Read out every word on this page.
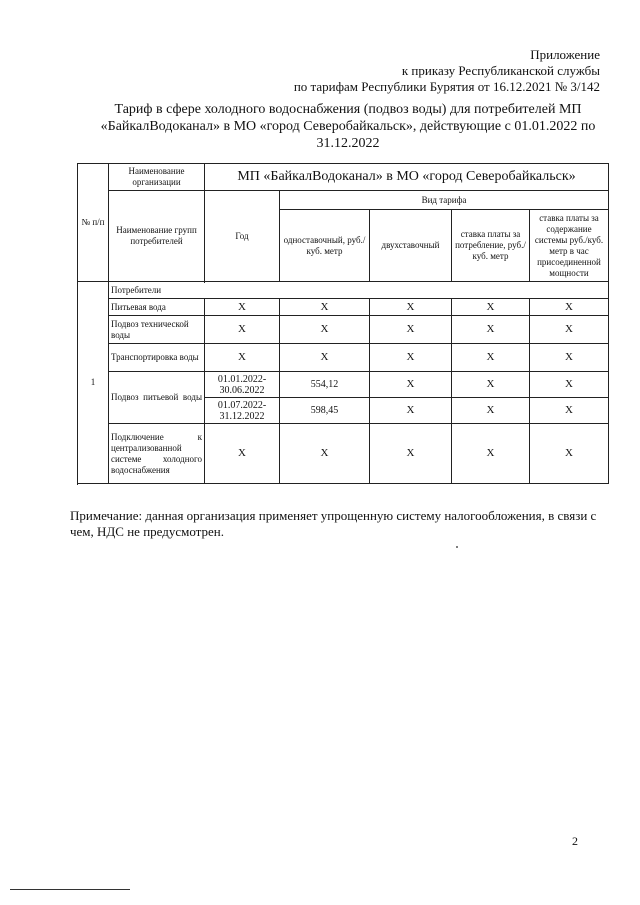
Приложение
к приказу Республиканской службы
по тарифам Республики Бурятия от 16.12.2021 № 3/142
Тариф в сфере холодного водоснабжения (подвоз воды) для потребителей МП «БайкалВодоканал» в МО «город Северобайкальск», действующие с 01.01.2022 по 31.12.2022
№ п/п	Наименование организации	МП «БайкалВодоканал» в МО «город Северобайкальск»				
	Наименование групп потребителей	Год	Вид тарифа			
			одноставочный, руб./ куб. метр	двухставочный	ставка платы за потребление, руб./ куб. метр	ставка платы за содержание системы руб./куб. метр в час присоединенной мощности

1	Потребители					
	Питьевая вода	Х	Х	Х	Х	Х
	Подвоз технической воды	Х	Х	Х	Х	Х
	Транспортировка воды	Х	Х	Х	Х	Х
	Подвоз питьевой воды	01.01.2022-30.06.2022	554,12	Х	Х	Х
		01.07.2022-31.12.2022	598,45	Х	Х	Х
	Подключение к централизованной системе холодного водоснабжения	Х	Х	Х	Х	Х

Примечание: данная организация применяет упрощенную систему налогообложения, в связи с чем, НДС не предусмотрен.
2
